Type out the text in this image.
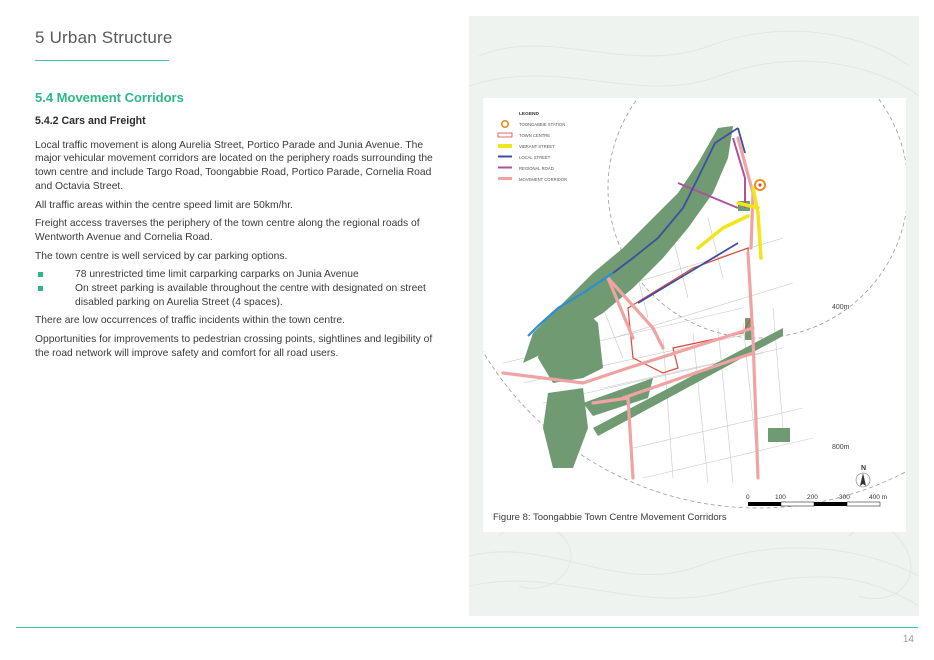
5 Urban Structure
5.4 Movement Corridors
5.4.2 Cars and Freight

Local traffic movement is along Aurelia Street, Portico Parade and Junia Avenue. The major vehicular movement corridors are located on the periphery roads surrounding the town centre and include Targo Road, Toongabbie Road, Portico Parade, Cornelia Road and Octavia Street.

All traffic areas within the centre speed limit are 50km/hr.

Freight access traverses the periphery of the town centre along the regional roads of Wentworth Avenue and Cornelia Road.

The town centre is well serviced by car parking options.

78 unrestricted time limit carparking carparks on Junia Avenue
On street parking is available throughout the centre with designated on street disabled parking on Aurelia Street (4 spaces).

There are low occurrences of traffic incidents within the town centre.

Opportunities for improvements to pedestrian crossing points, sightlines and legibility of the road network will improve safety and comfort for all road users.

LEGEND
TOONGABBIE STATION
TOWN CENTRE
VIBRANT STREET
LOCAL STREET
REGIONAL ROAD
MOVEMENT CORRIDOR
400m
800m
N
0	100	200	300	400 m
Figure 8: Toongabbie Town Centre Movement Corridors
14
